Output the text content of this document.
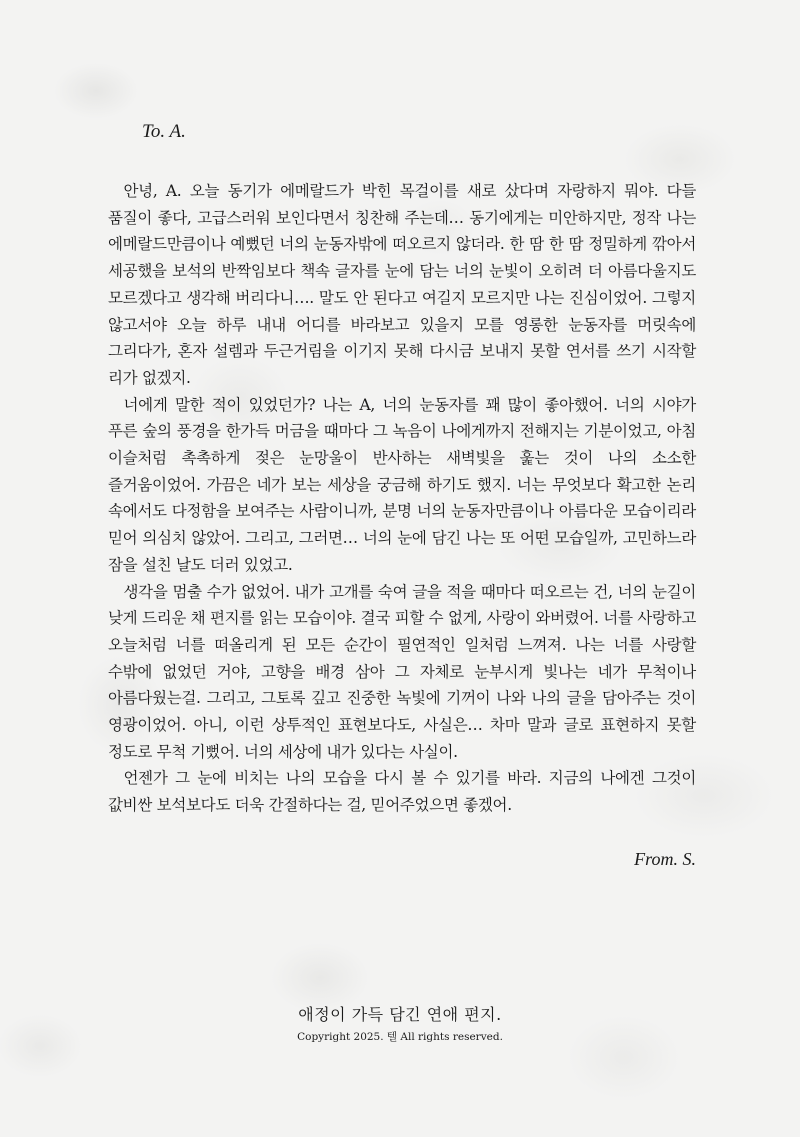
To. A.

안녕, A. 오늘 동기가 에메랄드가 박힌 목걸이를 새로 샀다며 자랑하지 뭐야. 다들 품질이 좋다, 고급스러워 보인다면서 칭찬해 주는데… 동기에게는 미안하지만, 정작 나는 에메랄드만큼이나 예뻤던 너의 눈동자밖에 떠오르지 않더라. 한 땀 한 땀 정밀하게 깎아서 세공했을 보석의 반짝임보다 책속 글자를 눈에 담는 너의 눈빛이 오히려 더 아름다울지도 모르겠다고 생각해 버리다니…. 말도 안 된다고 여길지 모르지만 나는 진심이었어. 그렇지 않고서야 오늘 하루 내내 어디를 바라보고 있을지 모를 영롱한 눈동자를 머릿속에 그리다가, 혼자 설렘과 두근거림을 이기지 못해 다시금 보내지 못할 연서를 쓰기 시작할 리가 없겠지.

너에게 말한 적이 있었던가? 나는 A, 너의 눈동자를 꽤 많이 좋아했어. 너의 시야가 푸른 숲의 풍경을 한가득 머금을 때마다 그 녹음이 나에게까지 전해지는 기분이었고, 아침 이슬처럼 촉촉하게 젖은 눈망울이 반사하는 새벽빛을 훑는 것이 나의 소소한 즐거움이었어. 가끔은 네가 보는 세상을 궁금해 하기도 했지. 너는 무엇보다 확고한 논리 속에서도 다정함을 보여주는 사람이니까, 분명 너의 눈동자만큼이나 아름다운 모습이리라 믿어 의심치 않았어. 그리고, 그러면… 너의 눈에 담긴 나는 또 어떤 모습일까, 고민하느라 잠을 설친 날도 더러 있었고.

생각을 멈출 수가 없었어. 내가 고개를 숙여 글을 적을 때마다 떠오르는 건, 너의 눈길이 낮게 드리운 채 편지를 읽는 모습이야. 결국 피할 수 없게, 사랑이 와버렸어. 너를 사랑하고 오늘처럼 너를 떠올리게 된 모든 순간이 필연적인 일처럼 느껴져. 나는 너를 사랑할 수밖에 없었던 거야, 고향을 배경 삼아 그 자체로 눈부시게 빛나는 네가 무척이나 아름다웠는걸. 그리고, 그토록 깊고 진중한 녹빛에 기꺼이 나와 나의 글을 담아주는 것이 영광이었어. 아니, 이런 상투적인 표현보다도, 사실은… 차마 말과 글로 표현하지 못할 정도로 무척 기뻤어. 너의 세상에 내가 있다는 사실이.

언젠가 그 눈에 비치는 나의 모습을 다시 볼 수 있기를 바라. 지금의 나에겐 그것이 값비싼 보석보다도 더욱 간절하다는 걸, 믿어주었으면 좋겠어.

From. S.
애정이 가득 담긴 연애 편지.
Copyright 2025. 텔 All rights reserved.
